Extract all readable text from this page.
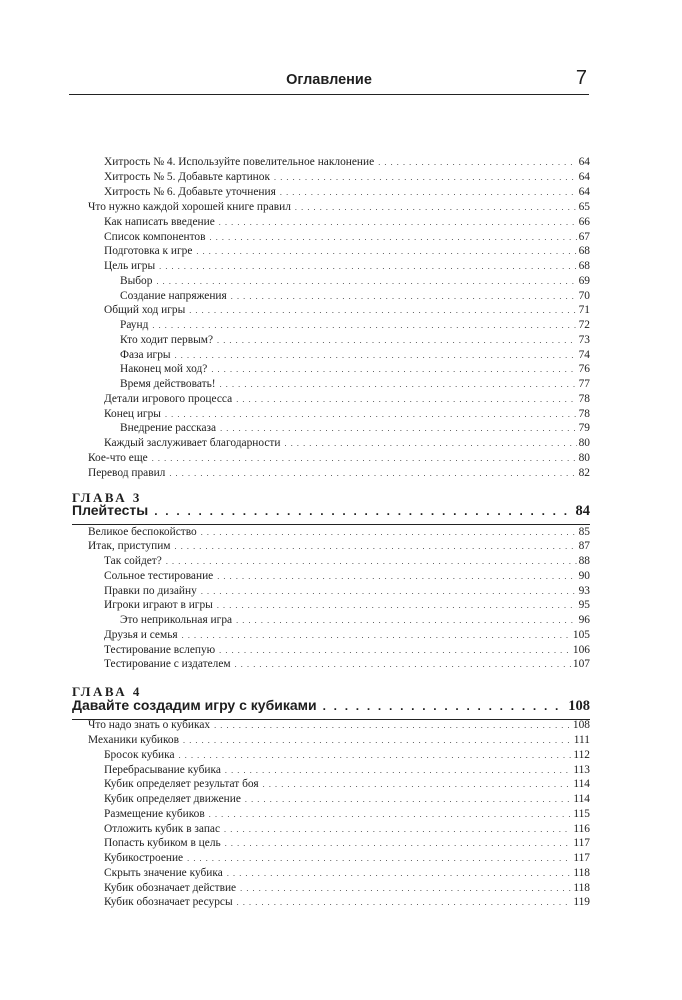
Оглавление	7
Хитрость № 4. Используйте повелительное наклонение . . .	64
Хитрость № 5. Добавьте картинок . . .	64
Хитрость № 6. Добавьте уточнения . . .	64
Что нужно каждой хорошей книге правил . . .	65
Как написать введение . . .	66
Список компонентов . . .	67
Подготовка к игре . . .	68
Цель игры . . .	68
Выбор . . .	69
Создание напряжения . . .	70
Общий ход игры . . .	71
Раунд . . .	72
Кто ходит первым? . . .	73
Фаза игры . . .	74
Наконец мой ход? . . .	76
Время действовать! . . .	77
Детали игрового процесса . . .	78
Конец игры . . .	78
Внедрение рассказа . . .	79
Каждый заслуживает благодарности . . .	80
Кое-что еще . . .	80
Перевод правил . . .	82
ГЛАВА 3
Плейтесты . . .	84
Великое беспокойство . . .	85
Итак, приступим . . .	87
Так сойдет? . . .	88
Сольное тестирование . . .	90
Правки по дизайну . . .	93
Игроки играют в игры . . .	95
Это неприкольная игра . . .	96
Друзья и семья . . .	105
Тестирование вслепую . . .	106
Тестирование с издателем . . .	107
ГЛАВА 4
Давайте создадим игру с кубиками . . .	108
Что надо знать о кубиках . . .	108
Механики кубиков . . .	111
Бросок кубика . . .	112
Перебрасывание кубика . . .	113
Кубик определяет результат боя . . .	114
Кубик определяет движение . . .	114
Размещение кубиков . . .	115
Отложить кубик в запас . . .	116
Попасть кубиком в цель . . .	117
Кубикостроение . . .	117
Скрыть значение кубика . . .	118
Кубик обозначает действие . . .	118
Кубик обозначает ресурсы . . .	119
